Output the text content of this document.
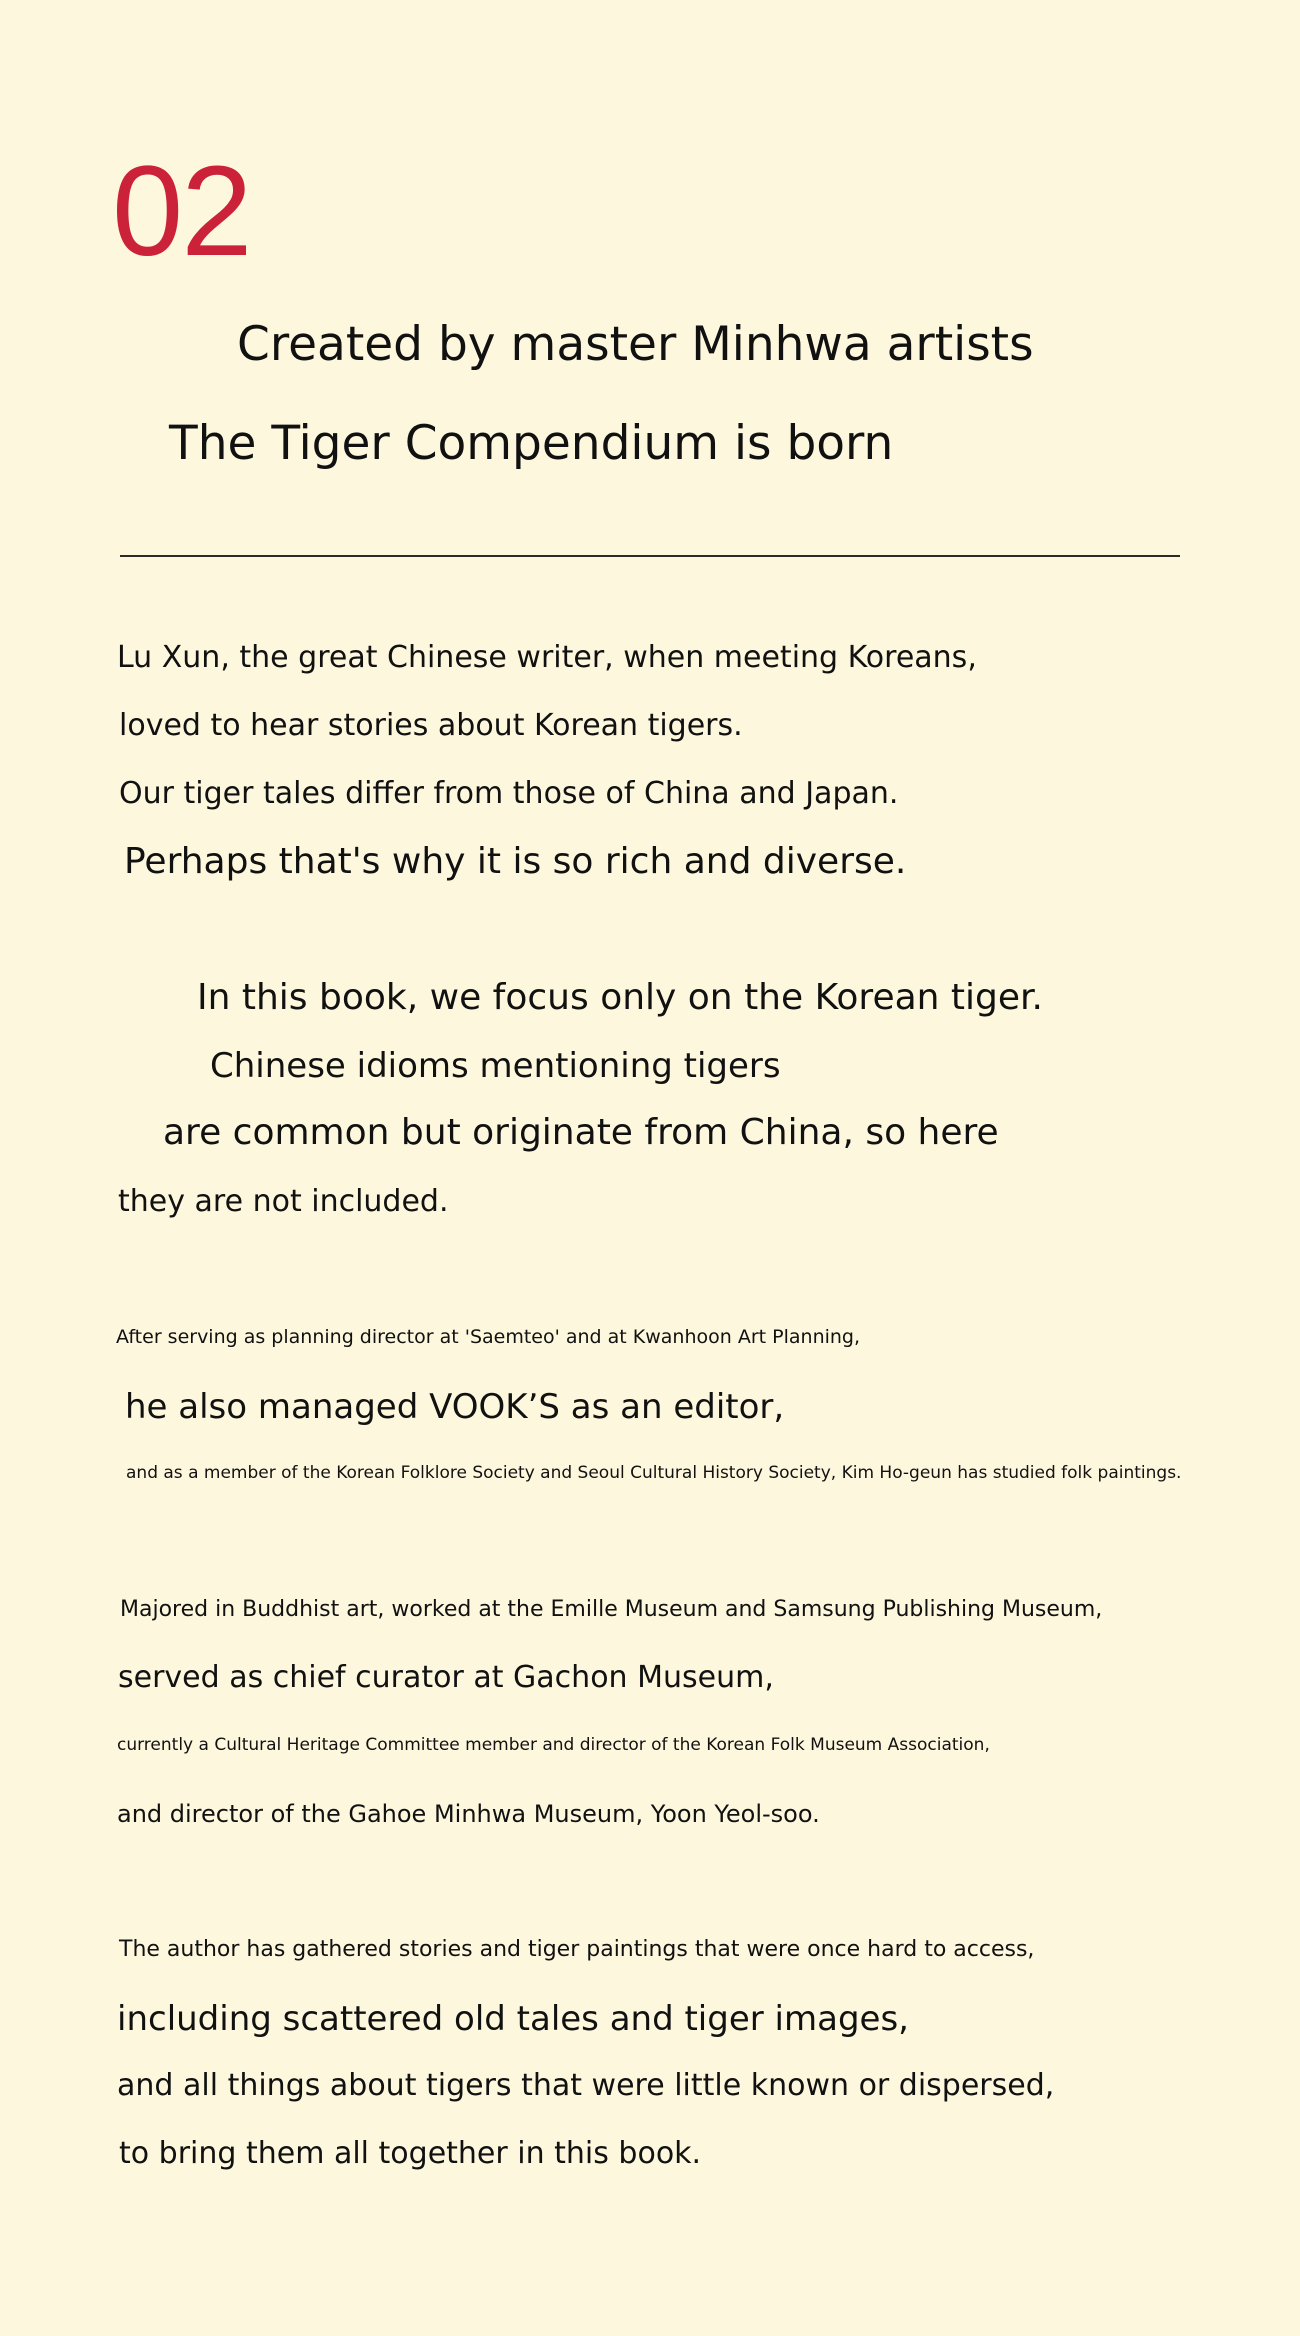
02
Created by master Minhwa artists
The Tiger Compendium is born
Lu Xun, the great Chinese writer, when meeting Koreans,
loved to hear stories about Korean tigers.
Our tiger tales differ from those of China and Japan.
Perhaps that's why it is so rich and diverse.
In this book, we focus only on the Korean tiger.
Chinese idioms mentioning tigers
are common but originate from China, so here
they are not included.
After serving as planning director at 'Saemteo' and at Kwanhoon Art Planning,
he also managed VOOK’S as an editor,
and as a member of the Korean Folklore Society and Seoul Cultural History Society, Kim Ho-geun has studied folk paintings.
Majored in Buddhist art, worked at the Emille Museum and Samsung Publishing Museum,
served as chief curator at Gachon Museum,
currently a Cultural Heritage Committee member and director of the Korean Folk Museum Association,
and director of the Gahoe Minhwa Museum, Yoon Yeol-soo.
The author has gathered stories and tiger paintings that were once hard to access,
including scattered old tales and tiger images,
and all things about tigers that were little known or dispersed,
to bring them all together in this book.
